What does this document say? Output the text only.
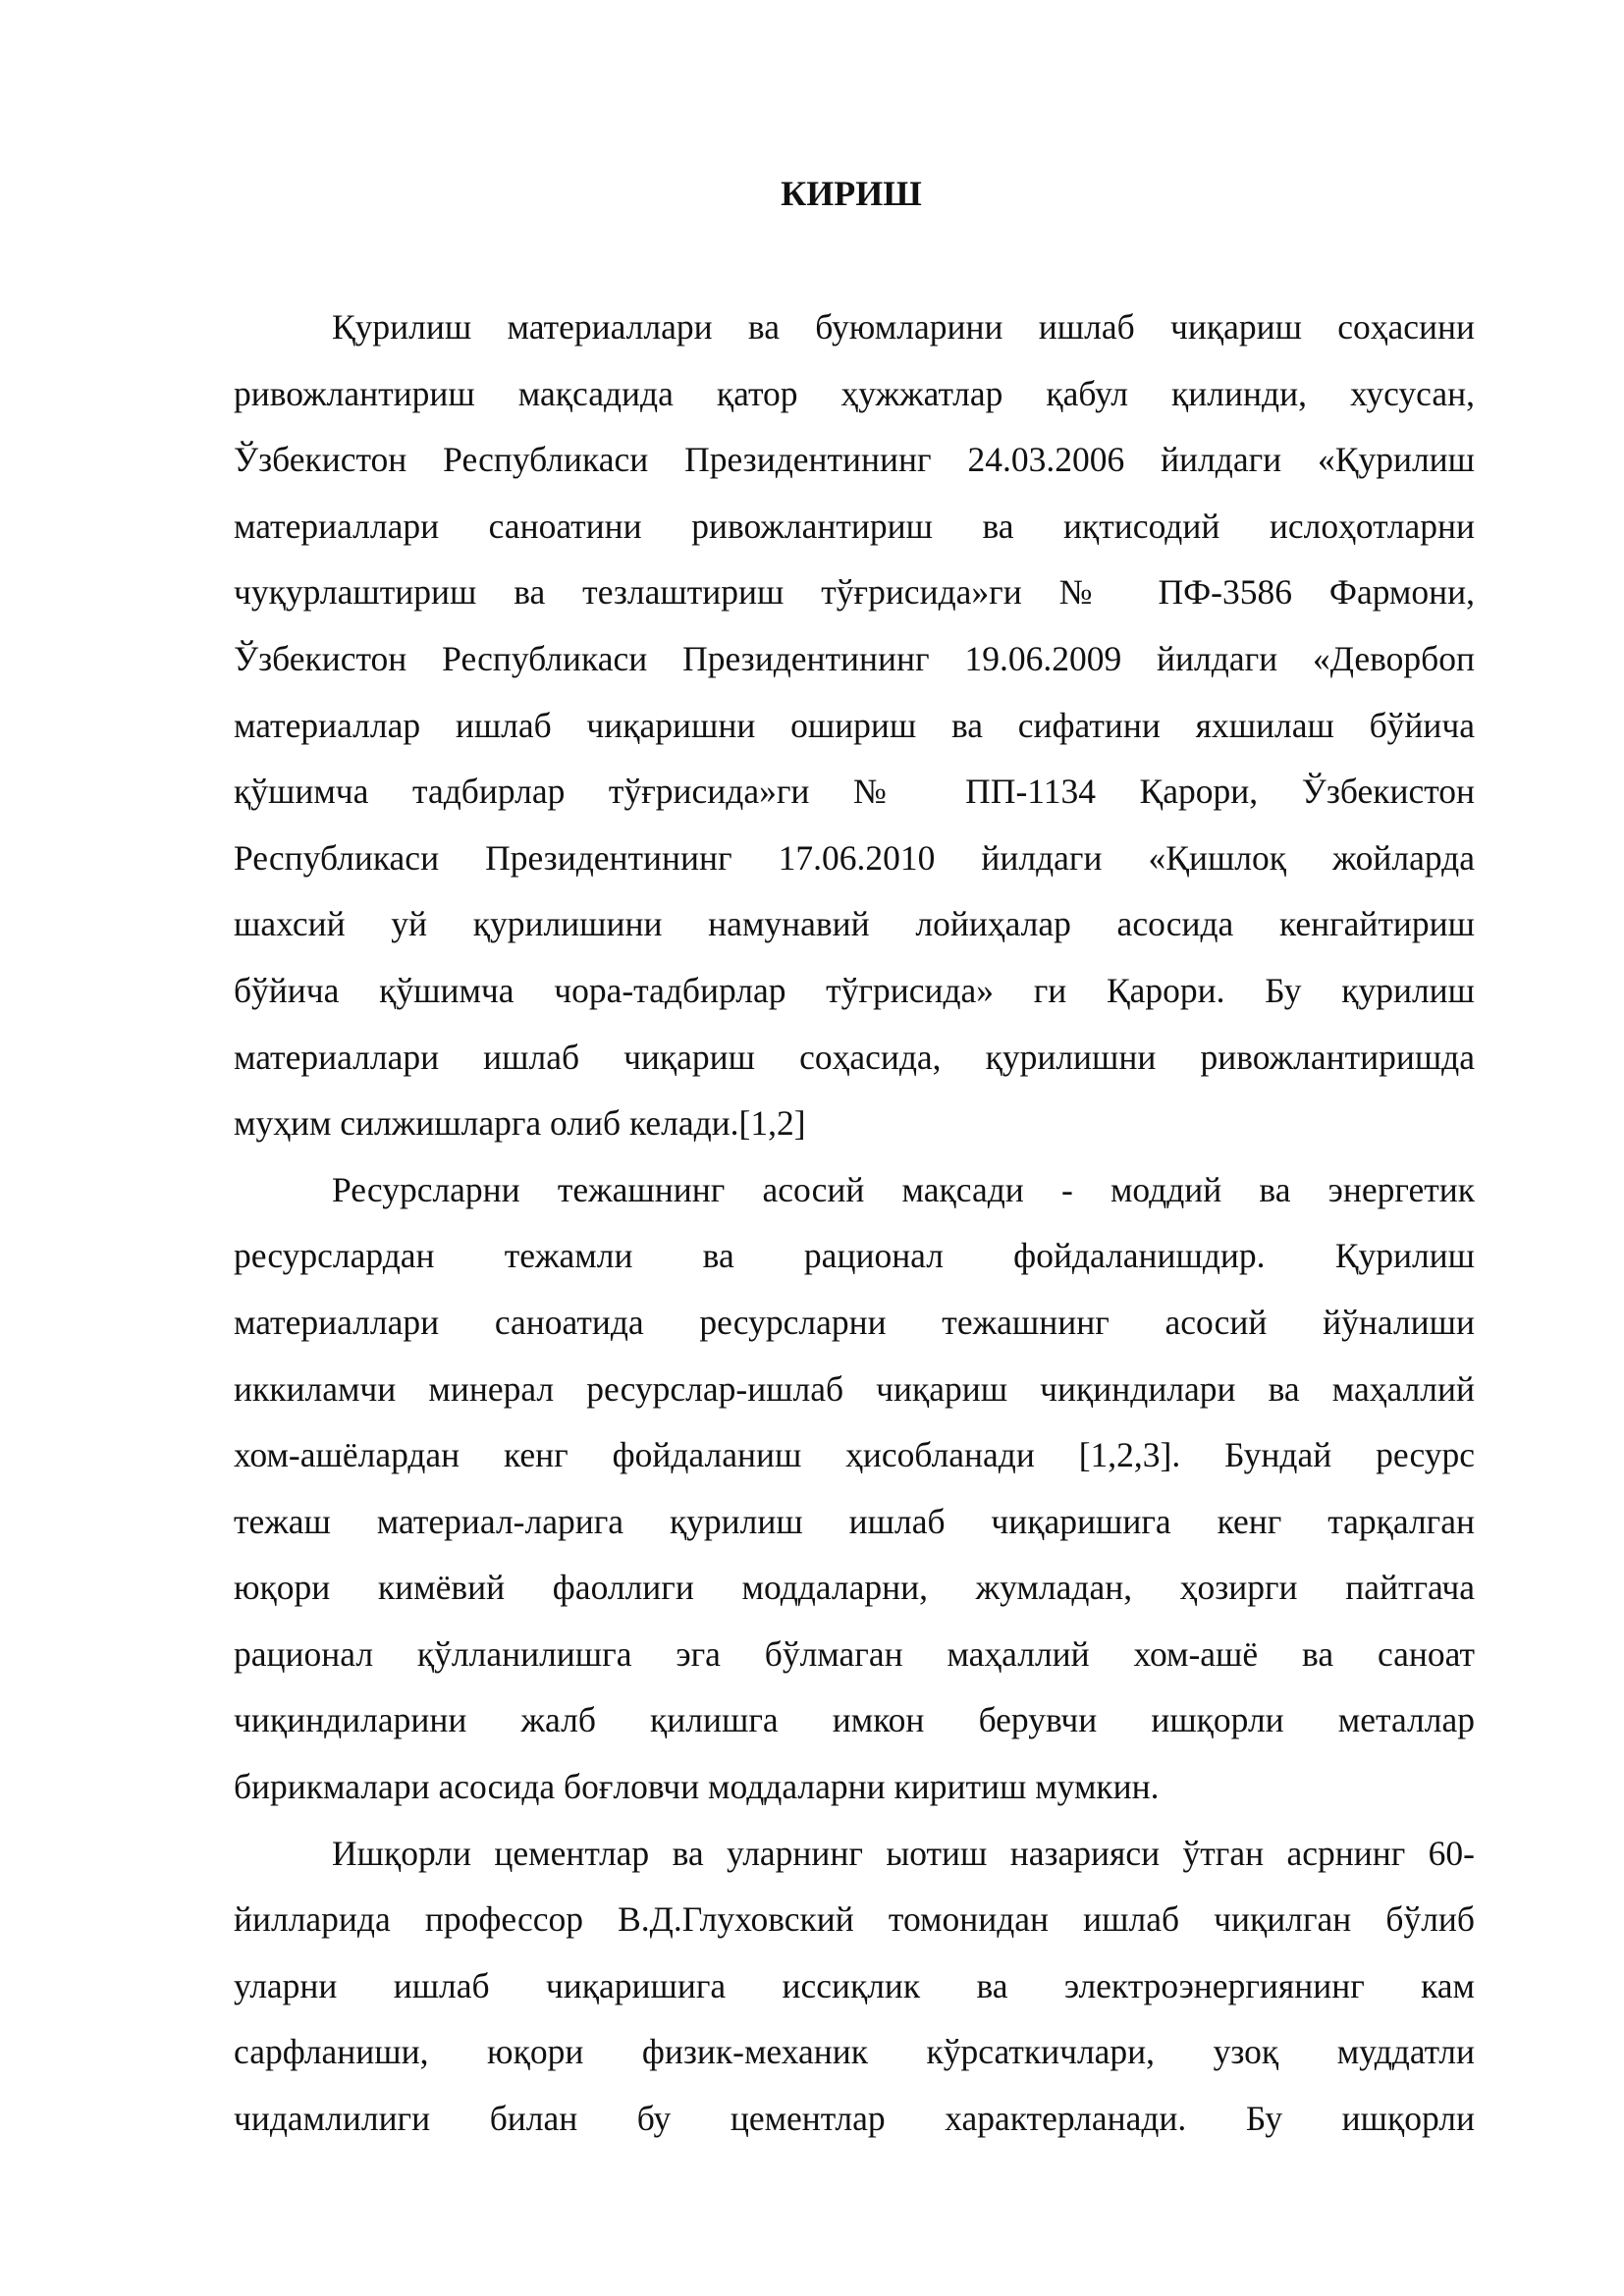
КИРИШ
Қурилиш материаллари ва буюмларини ишлаб чиқариш соҳасини
ривожлантириш мақсадида қатор ҳужжатлар қабул қилинди, хусусан,
Ўзбекистон Республикаси Президентининг 24.03.2006 йилдаги «Қурилиш
материаллари саноатини ривожлантириш ва иқтисодий ислоҳотларни
чуқурлаштириш ва тезлаштириш тўғрисида»ги № ПФ-3586 Фармони,
Ўзбекистон Республикаси Президентининг 19.06.2009 йилдаги «Деворбоп
материаллар ишлаб чиқаришни ошириш ва сифатини яхшилаш бўйича
қўшимча тадбирлар тўғрисида»ги № ПП-1134 Қарори, Ўзбекистон
Республикаси Президентининг 17.06.2010 йилдаги «Қишлоқ жойларда
шахсий уй қурилишини намунавий лойиҳалар асосида кенгайтириш
бўйича қўшимча чора-тадбирлар тўгрисида» ги Қарори. Бу қурилиш
материаллари ишлаб чиқариш соҳасида, қурилишни ривожлантиришда
муҳим силжишларга олиб келади.[1,2]
Ресурсларни тежашнинг асосий мақсади - моддий ва энергетик
ресурслардан тежамли ва рационал фойдаланишдир. Қурилиш
материаллари саноатида ресурсларни тежашнинг асосий йўналиши
иккиламчи минерал ресурслар-ишлаб чиқариш чиқиндилари ва маҳаллий
хом-ашёлардан кенг фойдаланиш ҳисобланади [1,2,3]. Бундай ресурс
тежаш материал-ларига қурилиш ишлаб чиқаришига кенг тарқалган
юқори кимёвий фаоллиги моддаларни, жумладан, ҳозирги пайтгача
рационал қўлланилишга эга бўлмаган маҳаллий хом-ашё ва саноат
чиқиндиларини жалб қилишга имкон берувчи ишқорли металлар
бирикмалари асосида боғловчи моддаларни киритиш мумкин.
Ишқорли цементлар ва уларнинг ыотиш назарияси ўтган асрнинг 60-
йилларида профессор В.Д.Глуховский томонидан ишлаб чиқилган бўлиб
уларни ишлаб чиқаришига иссиқлик ва электроэнергиянинг кам
сарфланиши, юқори физик-механик кўрсаткичлари, узоқ муддатли
чидамлилиги билан бу цементлар характерланади. Бу ишқорли
